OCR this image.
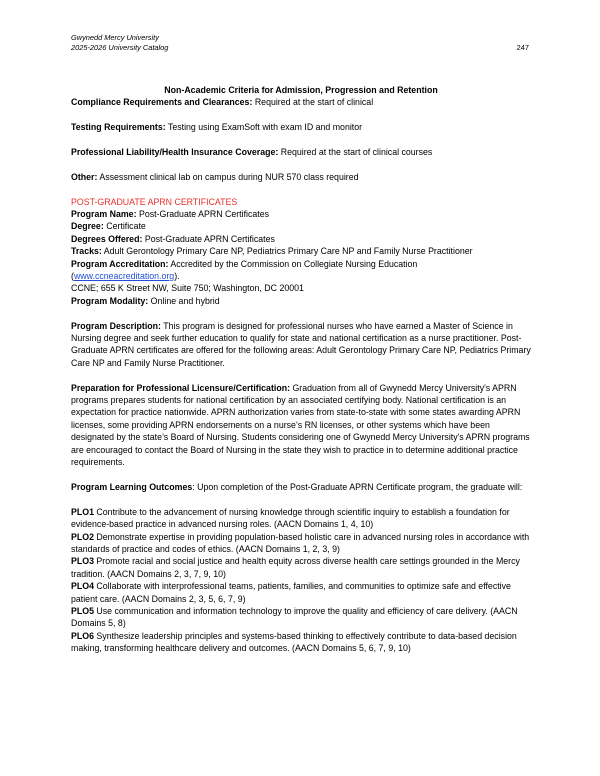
Gwynedd Mercy University
2025-2026 University Catalog	247

Non-Academic Criteria for Admission, Progression and Retention

Compliance Requirements and Clearances: Required at the start of clinical

Testing Requirements: Testing using ExamSoft with exam ID and monitor

Professional Liability/Health Insurance Coverage: Required at the start of clinical courses

Other: Assessment clinical lab on campus during NUR 570 class required

POST-GRADUATE APRN CERTIFICATES

Program Name: Post-Graduate APRN Certificates

Degree: Certificate

Degrees Offered: Post-Graduate APRN Certificates

Tracks: Adult Gerontology Primary Care NP, Pediatrics Primary Care NP and Family Nurse Practitioner

Program Accreditation: Accredited by the Commission on Collegiate Nursing Education

(www.ccneacreditation.org).

CCNE; 655 K Street NW, Suite 750; Washington, DC 20001

Program Modality: Online and hybrid

Program Description: This program is designed for professional nurses who have earned a Master of Science in Nursing degree and seek further education to qualify for state and national certification as a nurse practitioner. Post-Graduate APRN certificates are offered for the following areas: Adult Gerontology Primary Care NP, Pediatrics Primary Care NP and Family Nurse Practitioner.

Preparation for Professional Licensure/Certification: Graduation from all of Gwynedd Mercy University's APRN programs prepares students for national certification by an associated certifying body. National certification is an expectation for practice nationwide. APRN authorization varies from state-to-state with some states awarding APRN licenses, some providing APRN endorsements on a nurse’s RN licenses, or other systems which have been designated by the state’s Board of Nursing. Students considering one of Gwynedd Mercy University's APRN programs are encouraged to contact the Board of Nursing in the state they wish to practice in to determine additional practice requirements.

Program Learning Outcomes: Upon completion of the Post-Graduate APRN Certificate program, the graduate will:

PLO1 Contribute to the advancement of nursing knowledge through scientific inquiry to establish a foundation for evidence-based practice in advanced nursing roles. (AACN Domains 1, 4, 10)

PLO2 Demonstrate expertise in providing population-based holistic care in advanced nursing roles in accordance with standards of practice and codes of ethics. (AACN Domains 1, 2, 3, 9)

PLO3 Promote racial and social justice and health equity across diverse health care settings grounded in the Mercy tradition. (AACN Domains 2, 3, 7, 9, 10)

PLO4 Collaborate with interprofessional teams, patients, families, and communities to optimize safe and effective patient care. (AACN Domains 2, 3, 5, 6, 7, 9)

PLO5 Use communication and information technology to improve the quality and efficiency of care delivery. (AACN Domains 5, 8)

PLO6 Synthesize leadership principles and systems-based thinking to effectively contribute to data-based decision making, transforming healthcare delivery and outcomes. (AACN Domains 5, 6, 7, 9, 10)
